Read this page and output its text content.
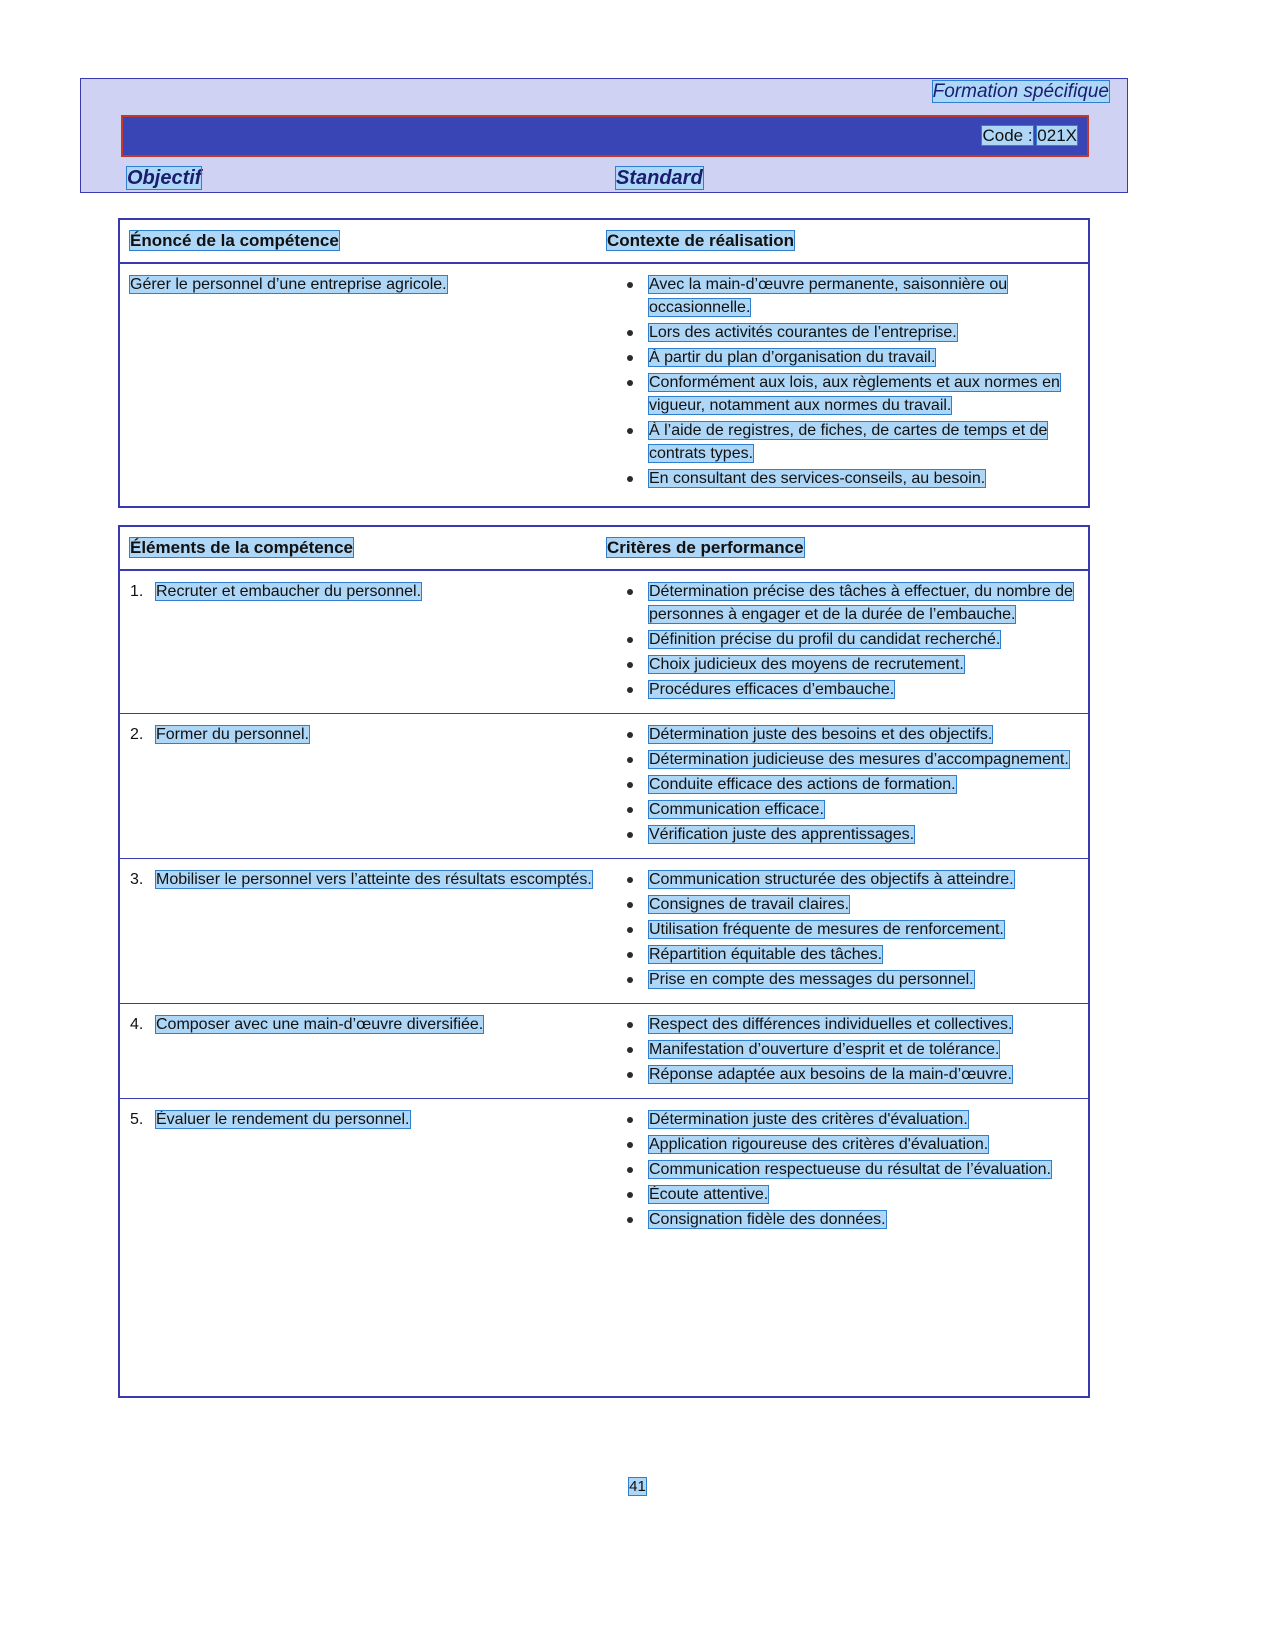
Formation spécifique
Code : 021X
Objectif	Standard
Énoncé de la compétence	Contexte de réalisation
Gérer le personnel d’une entreprise agricole.	Avec la main-d’œuvre permanente, saisonnière ou occasionnelle.
Lors des activités courantes de l’entreprise.
À partir du plan d’organisation du travail.
Conformément aux lois, aux règlements et aux normes en vigueur, notamment aux normes du travail.
À l’aide de registres, de fiches, de cartes de temps et de contrats types.
En consultant des services-conseils, au besoin.
Éléments de la compétence	Critères de performance
1. Recruter et embaucher du personnel.	Détermination précise des tâches à effectuer, du nombre de personnes à engager et de la durée de l’embauche.
Définition précise du profil du candidat recherché.
Choix judicieux des moyens de recrutement.
Procédures efficaces d’embauche.
2. Former du personnel.	Détermination juste des besoins et des objectifs.
Détermination judicieuse des mesures d’accompagnement.
Conduite efficace des actions de formation.
Communication efficace.
Vérification juste des apprentissages.
3. Mobiliser le personnel vers l’atteinte des résultats escomptés.	Communication structurée des objectifs à atteindre.
Consignes de travail claires.
Utilisation fréquente de mesures de renforcement.
Répartition équitable des tâches.
Prise en compte des messages du personnel.
4. Composer avec une main-d’œuvre diversifiée.	Respect des différences individuelles et collectives.
Manifestation d’ouverture d’esprit et de tolérance.
Réponse adaptée aux besoins de la main-d’œuvre.
5. Évaluer le rendement du personnel.	Détermination juste des critères d'évaluation.
Application rigoureuse des critères d'évaluation.
Communication respectueuse du résultat de l’évaluation.
Écoute attentive.
Consignation fidèle des données.
41
